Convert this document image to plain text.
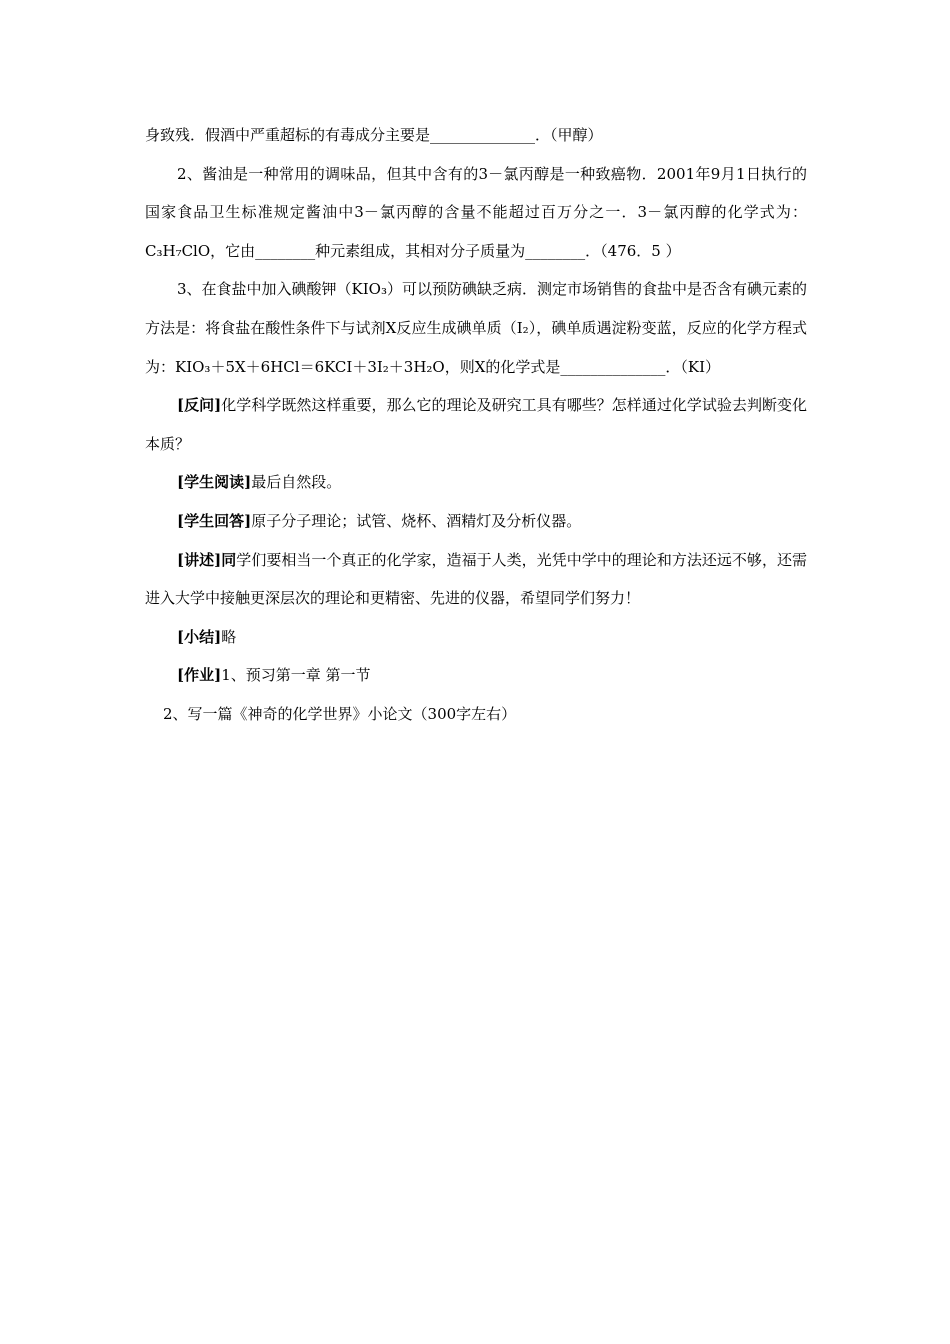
身致残．假酒中严重超标的有毒成分主要是______________．（甲醇）
2、酱油是一种常用的调味品，但其中含有的3－氯丙醇是一种致癌物．2001年9月1日执行的国家食品卫生标准规定酱油中3－氯丙醇的含量不能超过百万分之一．3－氯丙醇的化学式为：C₃H₇ClO，它由________种元素组成，其相对分子质量为________．（476．5 ）
3、在食盐中加入碘酸钾（KIO₃）可以预防碘缺乏病．测定市场销售的食盐中是否含有碘元素的方法是：将食盐在酸性条件下与试剂X反应生成碘单质（I₂），碘单质遇淀粉变蓝，反应的化学方程式为：KIO₃＋5X＋6HCl＝6KCI＋3I₂＋3H₂O，则X的化学式是______________．（KI）
[反问]化学科学既然这样重要，那么它的理论及研究工具有哪些？怎样通过化学试验去判断变化本质？
[学生阅读]最后自然段。
[学生回答]原子分子理论；试管、烧杯、酒精灯及分析仪器。
[讲述]同学们要相当一个真正的化学家，造福于人类，光凭中学中的理论和方法还远不够，还需进入大学中接触更深层次的理论和更精密、先进的仪器，希望同学们努力！
[小结]略
[作业]1、预习第一章 第一节
2、写一篇《神奇的化学世界》小论文（300字左右）
